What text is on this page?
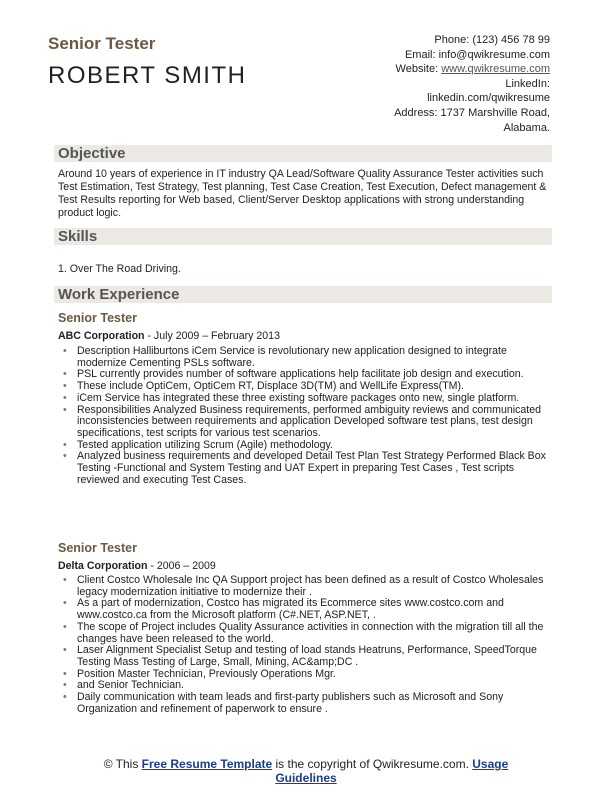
Senior Tester
ROBERT SMITH
Phone: (123) 456 78 99
Email: info@qwikresume.com
Website: www.qwikresume.com
LinkedIn:
linkedin.com/qwikresume
Address: 1737 Marshville Road,
Alabama.
Objective
Around 10 years of experience in IT industry QA Lead/Software Quality Assurance Tester activities such Test Estimation, Test Strategy, Test planning, Test Case Creation, Test Execution, Defect management & Test Results reporting for Web based, Client/Server Desktop applications with strong understanding product logic.
Skills
1. Over The Road Driving.
Work Experience
Senior Tester
ABC Corporation - July 2009 – February 2013
• Description Halliburtons iCem Service is revolutionary new application designed to integrate modernize Cementing PSLs software.
• PSL currently provides number of software applications help facilitate job design and execution.
• These include OptiCem, OptiCem RT, Displace 3D(TM) and WellLife Express(TM).
• iCem Service has integrated these three existing software packages onto new, single platform.
• Responsibilities Analyzed Business requirements, performed ambiguity reviews and communicated inconsistencies between requirements and application Developed software test plans, test design specifications, test scripts for various test scenarios.
• Tested application utilizing Scrum (Agile) methodology.
• Analyzed business requirements and developed Detail Test Plan Test Strategy Performed Black Box Testing -Functional and System Testing and UAT Expert in preparing Test Cases , Test scripts reviewed and executing Test Cases.
Senior Tester
Delta Corporation - 2006 – 2009
• Client Costco Wholesale Inc QA Support project has been defined as a result of Costco Wholesales legacy modernization initiative to modernize their .
• As a part of modernization, Costco has migrated its Ecommerce sites www.costco.com and www.costco.ca from the Microsoft platform (C#.NET, ASP.NET, .
• The scope of Project includes Quality Assurance activities in connection with the migration till all the changes have been released to the world.
• Laser Alignment Specialist Setup and testing of load stands Heatruns, Performance, SpeedTorque Testing Mass Testing of Large, Small, Mining, AC&amp;DC .
• Position Master Technician, Previously Operations Mgr.
• and Senior Technician.
• Daily communication with team leads and first-party publishers such as Microsoft and Sony Organization and refinement of paperwork to ensure .
© This Free Resume Template is the copyright of Qwikresume.com. Usage Guidelines
